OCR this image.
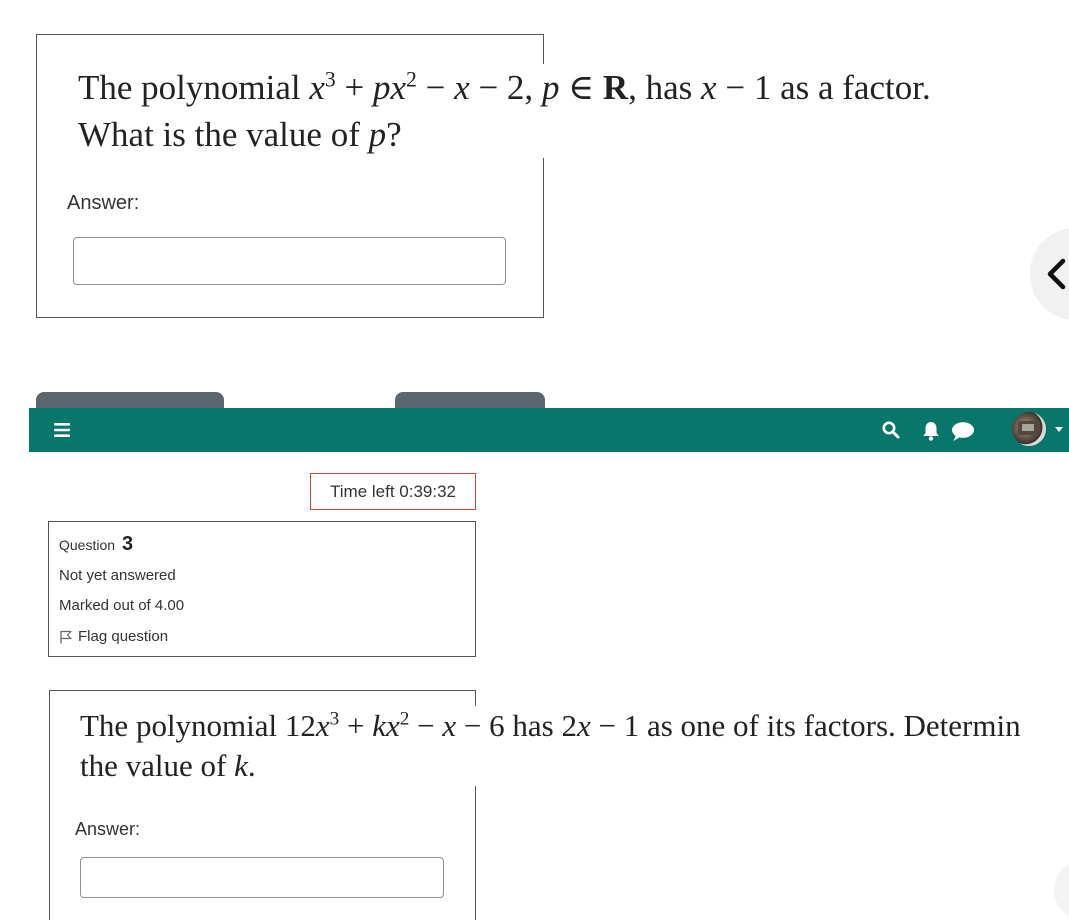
The polynomial $x^3 + px^2 - x - 2$, p ∈ R, has x − 1 as a factor.
What is the value of p?
Answer:
Time left 0:39:32
Question 3
Not yet answered
Marked out of 4.00
Flag question
The polynomial $12x^3 + kx^2 - x - 6$ has 2x − 1 as one of its factors. Determin
the value of k.
Answer:
